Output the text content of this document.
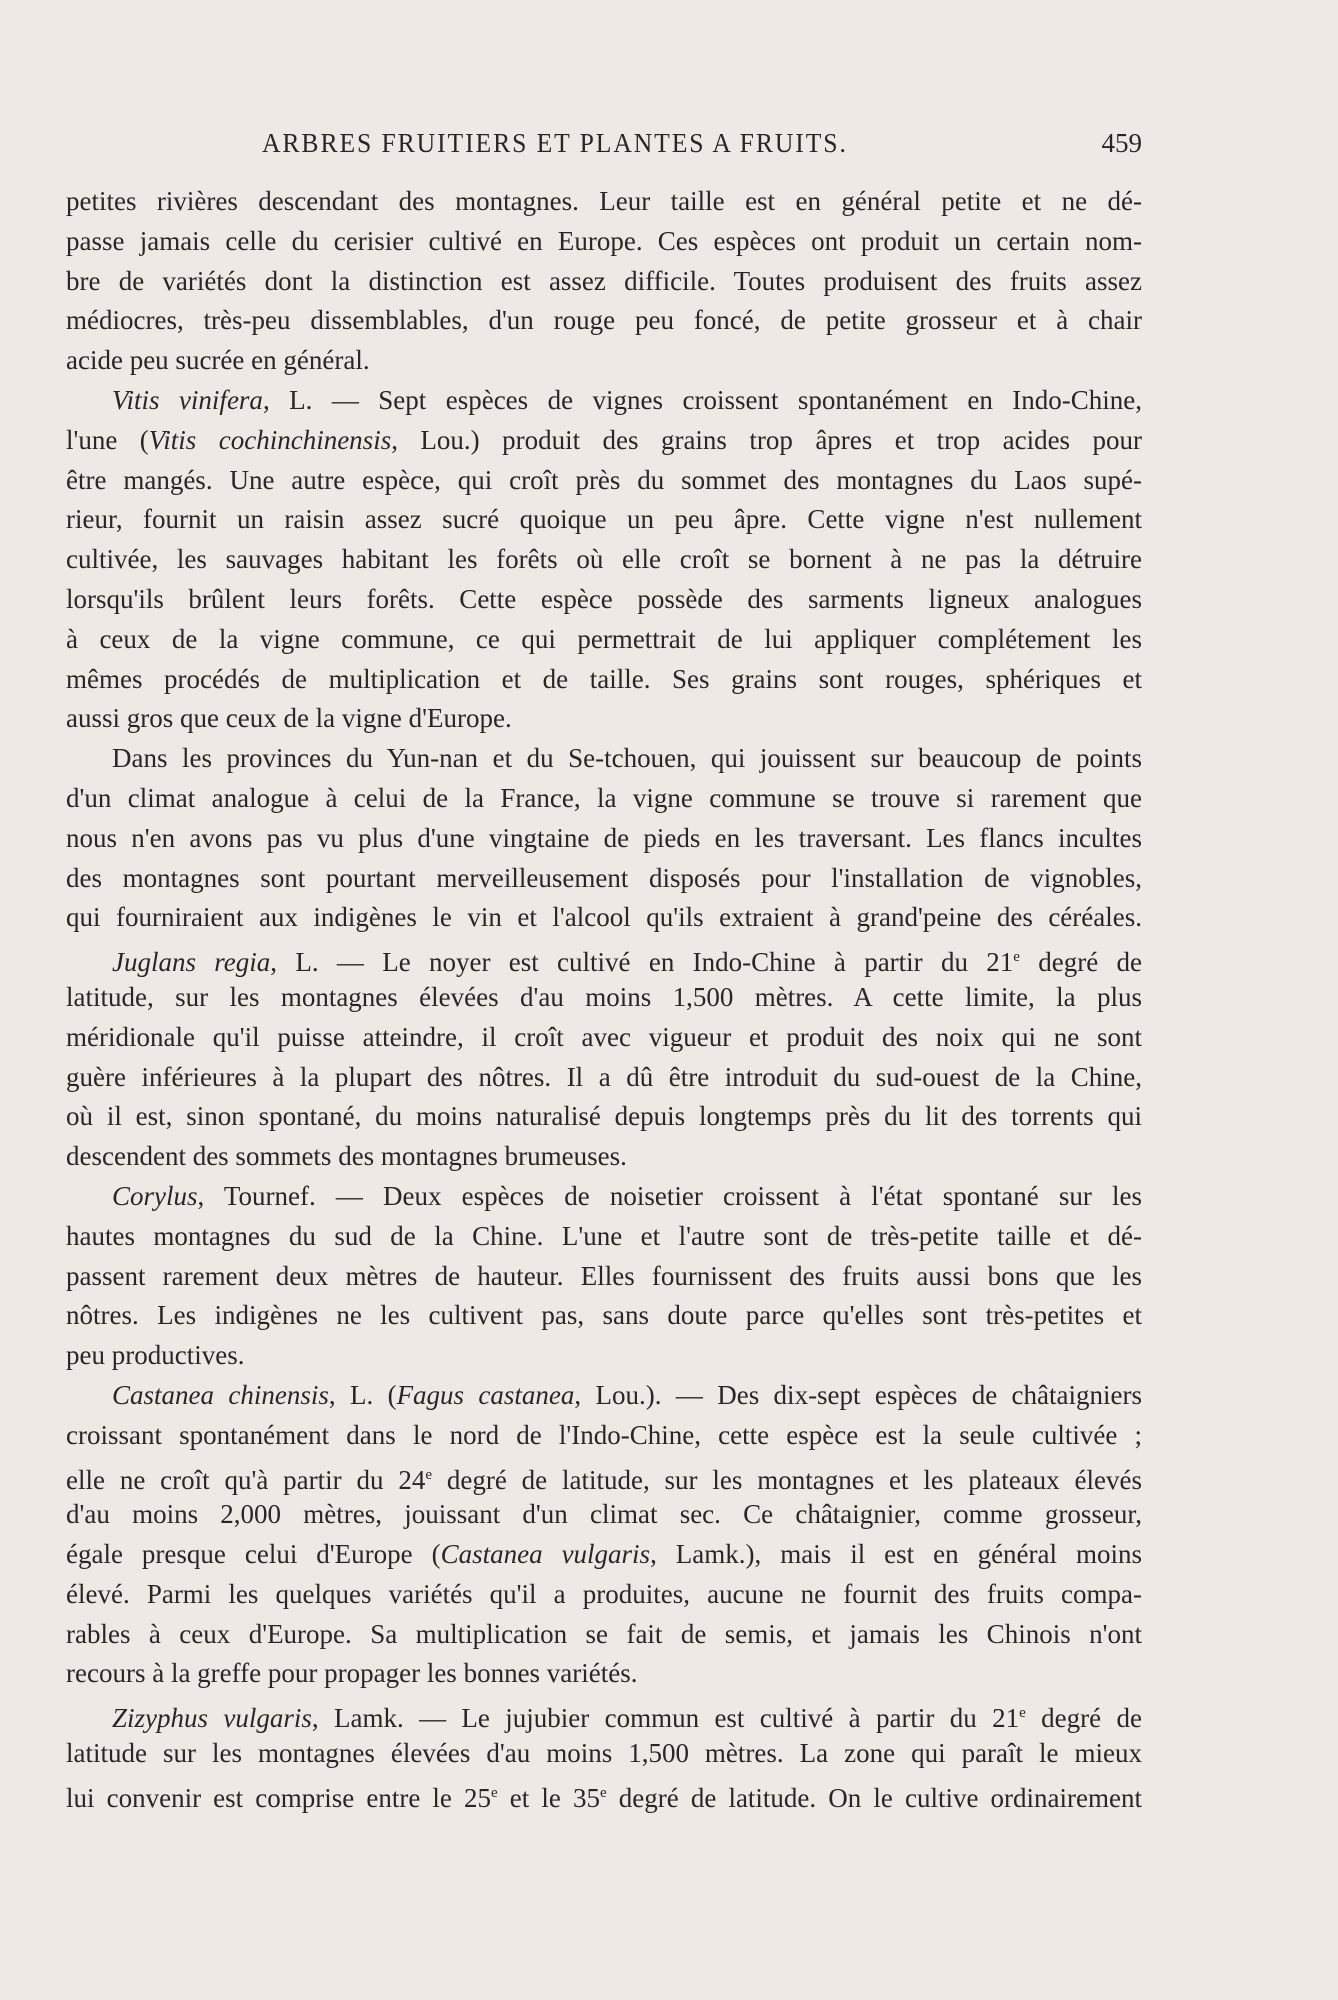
ARBRES FRUITIERS ET PLANTES A FRUITS.	459
petites rivières descendant des montagnes. Leur taille est en général petite et ne dé-
passe jamais celle du cerisier cultivé en Europe. Ces espèces ont produit un certain nom-
bre de variétés dont la distinction est assez difficile. Toutes produisent des fruits assez
médiocres, très-peu dissemblables, d'un rouge peu foncé, de petite grosseur et à chair
acide peu sucrée en général.
Vitis vinifera, L. — Sept espèces de vignes croissent spontanément en Indo-Chine,
l'une (Vitis cochinchinensis, Lou.) produit des grains trop âpres et trop acides pour
être mangés. Une autre espèce, qui croît près du sommet des montagnes du Laos supé-
rieur, fournit un raisin assez sucré quoique un peu âpre. Cette vigne n'est nullement
cultivée, les sauvages habitant les forêts où elle croît se bornent à ne pas la détruire
lorsqu'ils brûlent leurs forêts. Cette espèce possède des sarments ligneux analogues
à ceux de la vigne commune, ce qui permettrait de lui appliquer complétement les
mêmes procédés de multiplication et de taille. Ses grains sont rouges, sphériques et
aussi gros que ceux de la vigne d'Europe.
Dans les provinces du Yun-nan et du Se-tchouen, qui jouissent sur beaucoup de points
d'un climat analogue à celui de la France, la vigne commune se trouve si rarement que
nous n'en avons pas vu plus d'une vingtaine de pieds en les traversant. Les flancs incultes
des montagnes sont pourtant merveilleusement disposés pour l'installation de vignobles,
qui fourniraient aux indigènes le vin et l'alcool qu'ils extraient à grand'peine des céréales.
Juglans regia, L. — Le noyer est cultivé en Indo-Chine à partir du 21e degré de
latitude, sur les montagnes élevées d'au moins 1,500 mètres. A cette limite, la plus
méridionale qu'il puisse atteindre, il croît avec vigueur et produit des noix qui ne sont
guère inférieures à la plupart des nôtres. Il a dû être introduit du sud-ouest de la Chine,
où il est, sinon spontané, du moins naturalisé depuis longtemps près du lit des torrents qui
descendent des sommets des montagnes brumeuses.
Corylus, Tournef. — Deux espèces de noisetier croissent à l'état spontané sur les
hautes montagnes du sud de la Chine. L'une et l'autre sont de très-petite taille et dé-
passent rarement deux mètres de hauteur. Elles fournissent des fruits aussi bons que les
nôtres. Les indigènes ne les cultivent pas, sans doute parce qu'elles sont très-petites et
peu productives.
Castanea chinensis, L. (Fagus castanea, Lou.). — Des dix-sept espèces de châtaigniers
croissant spontanément dans le nord de l'Indo-Chine, cette espèce est la seule cultivée ;
elle ne croît qu'à partir du 24e degré de latitude, sur les montagnes et les plateaux élevés
d'au moins 2,000 mètres, jouissant d'un climat sec. Ce châtaignier, comme grosseur,
égale presque celui d'Europe (Castanea vulgaris, Lamk.), mais il est en général moins
élevé. Parmi les quelques variétés qu'il a produites, aucune ne fournit des fruits compa-
rables à ceux d'Europe. Sa multiplication se fait de semis, et jamais les Chinois n'ont
recours à la greffe pour propager les bonnes variétés.
Zizyphus vulgaris, Lamk. — Le jujubier commun est cultivé à partir du 21e degré de
latitude sur les montagnes élevées d'au moins 1,500 mètres. La zone qui paraît le mieux
lui convenir est comprise entre le 25e et le 35e degré de latitude. On le cultive ordinairement
